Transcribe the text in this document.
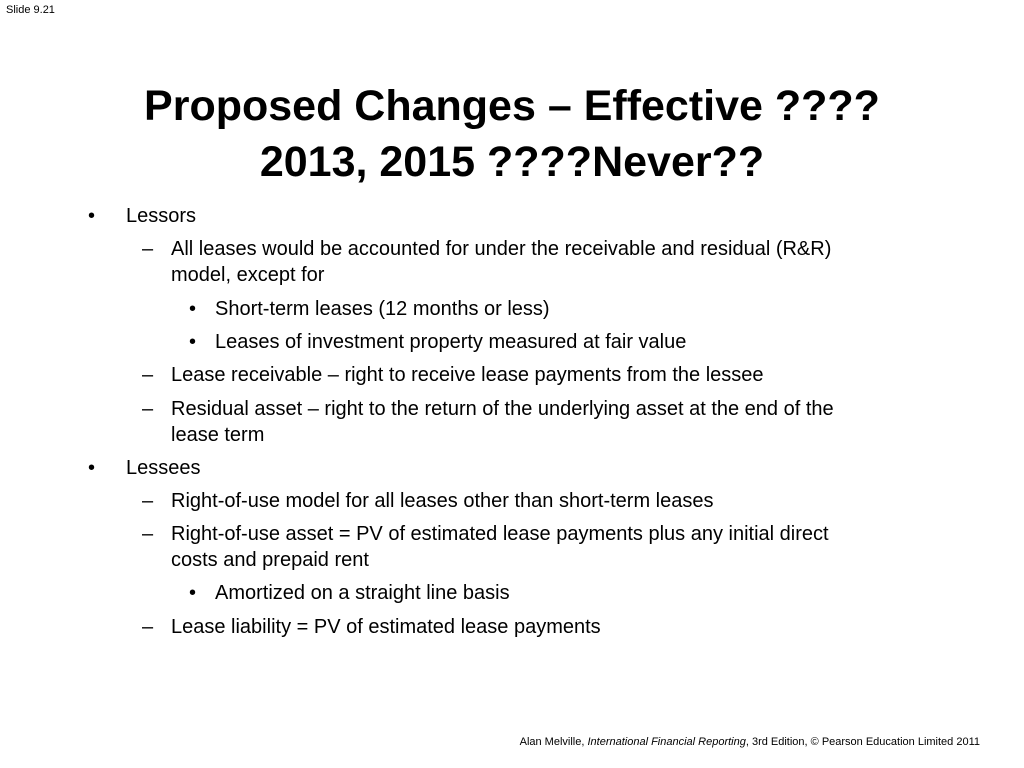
Slide 9.21
Proposed Changes – Effective ????
2013, 2015 ????Never??
• Lessors
– All leases would be accounted for under the receivable and residual (R&R)
model, except for
• Short-term leases (12 months or less)
• Leases of investment property measured at fair value
– Lease receivable – right to receive lease payments from the lessee
– Residual asset – right to the return of the underlying asset at the end of the
lease term
• Lessees
– Right-of-use model for all leases other than short-term leases
– Right-of-use asset = PV of estimated lease payments plus any initial direct
costs and prepaid rent
• Amortized on a straight line basis
– Lease liability = PV of estimated lease payments
Alan Melville, International Financial Reporting, 3rd Edition, © Pearson Education Limited 2011
